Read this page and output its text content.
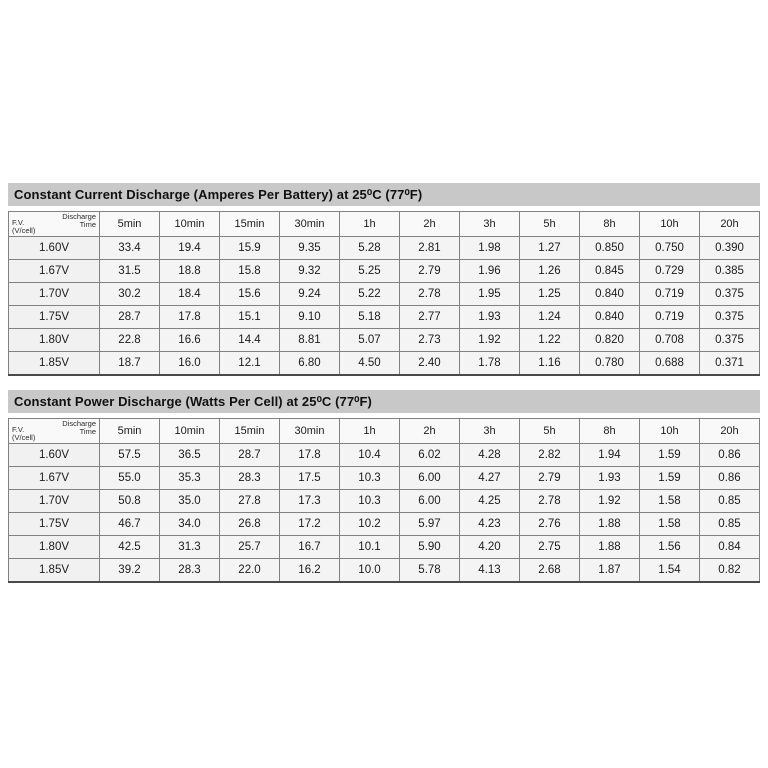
Constant Current Discharge (Amperes Per Battery) at 25⁰C (77⁰F)
Discharge Time
F.V. (V/cell)	5min	10min	15min	30min	1h	2h	3h	5h	8h	10h	20h
1.60V	33.4	19.4	15.9	9.35	5.28	2.81	1.98	1.27	0.850	0.750	0.390
1.67V	31.5	18.8	15.8	9.32	5.25	2.79	1.96	1.26	0.845	0.729	0.385
1.70V	30.2	18.4	15.6	9.24	5.22	2.78	1.95	1.25	0.840	0.719	0.375
1.75V	28.7	17.8	15.1	9.10	5.18	2.77	1.93	1.24	0.840	0.719	0.375
1.80V	22.8	16.6	14.4	8.81	5.07	2.73	1.92	1.22	0.820	0.708	0.375
1.85V	18.7	16.0	12.1	6.80	4.50	2.40	1.78	1.16	0.780	0.688	0.371
Constant Power Discharge (Watts Per Cell) at 25⁰C (77⁰F)
Discharge Time
F.V. (V/cell)	5min	10min	15min	30min	1h	2h	3h	5h	8h	10h	20h
1.60V	57.5	36.5	28.7	17.8	10.4	6.02	4.28	2.82	1.94	1.59	0.86
1.67V	55.0	35.3	28.3	17.5	10.3	6.00	4.27	2.79	1.93	1.59	0.86
1.70V	50.8	35.0	27.8	17.3	10.3	6.00	4.25	2.78	1.92	1.58	0.85
1.75V	46.7	34.0	26.8	17.2	10.2	5.97	4.23	2.76	1.88	1.58	0.85
1.80V	42.5	31.3	25.7	16.7	10.1	5.90	4.20	2.75	1.88	1.56	0.84
1.85V	39.2	28.3	22.0	16.2	10.0	5.78	4.13	2.68	1.87	1.54	0.82
